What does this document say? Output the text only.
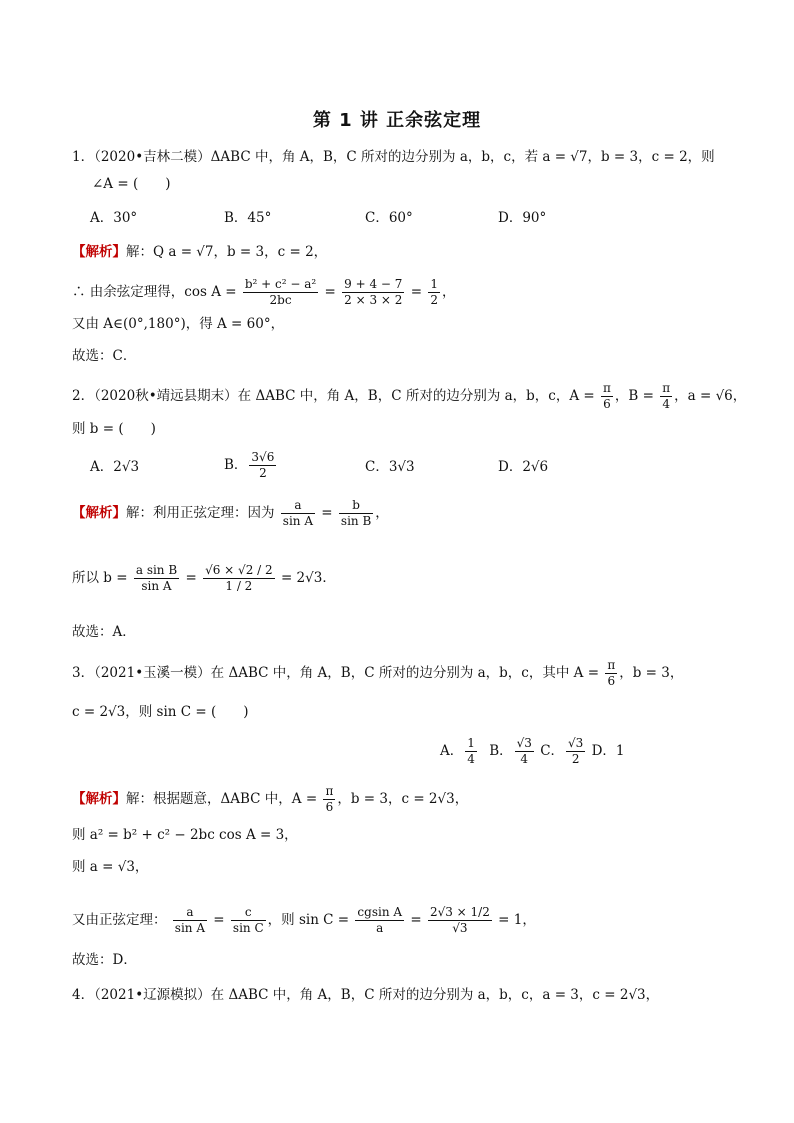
第 1 讲 正余弦定理
1．（2020•吉林二模）ΔABC 中，角 A，B，C 所对的边分别为 a，b，c，若 a = √7，b = 3，c = 2，则
∠A = (　　)
A．30°	B．45°	C．60°	D．90°
【解析】解：Q a = √7，b = 3，c = 2，
∴ 由余弦定理得，$\cos A = \frac{\text{b² + c² − a²}}{2bc} = \frac{9 + 4 - 7}{2 \times 3 \times 2} = \frac{1}{2}$ ，
又由 A∈(0°,180°)，得 A = 60°，
故选：C．
2．（2020秋•靖远县期末）在 ΔABC 中，角 A，B，C 所对的边分别为 a，b，c，$A = \frac{\pi}{6}$ ，$B = \frac{\pi}{4}$ ，a = √6，
则 b = (　　)
A．2√3	B． $\frac{3√6}{2}$	C．3√3	D．2√6
【解析】解：利用正弦定理：因为 $\frac{a}{\text{sin A}} = \frac{b}{\text{sin B}}$ ，
所以 $b = \frac{\text{a sin B}}{\text{sin A}} = \frac{√6 \times √2 / 2}{1 / 2} = 2√3$．
故选：A．
3．（2021•玉溪一模）在 ΔABC 中，角 A，B，C 所对的边分别为 a，b，c，其中 $A = \frac{\pi}{6}$ ，b = 3，
c = 2√3，则 sin C = (　　)
A． $\frac{1}{4}$ B． $\frac{√3}{4}$ C． $\frac{√3}{2}$ D．1
【解析】解：根据题意，ΔABC 中，$A = \frac{\pi}{6}$ ，b = 3，c = 2√3，
则 a² = b² + c² − 2bc cos A = 3，
则 a = √3，
又由正弦定理： $\frac{a}{\text{sin A}} = \frac{c}{\text{sin C}}$ ，则 $\sin C = \frac{\text{cgsin A}}{a} = \frac{2√3 \times 1/2}{√3} = 1$，
故选：D．
4．（2021•辽源模拟）在 ΔABC 中，角 A，B，C 所对的边分别为 a，b，c，a = 3，c = 2√3，
